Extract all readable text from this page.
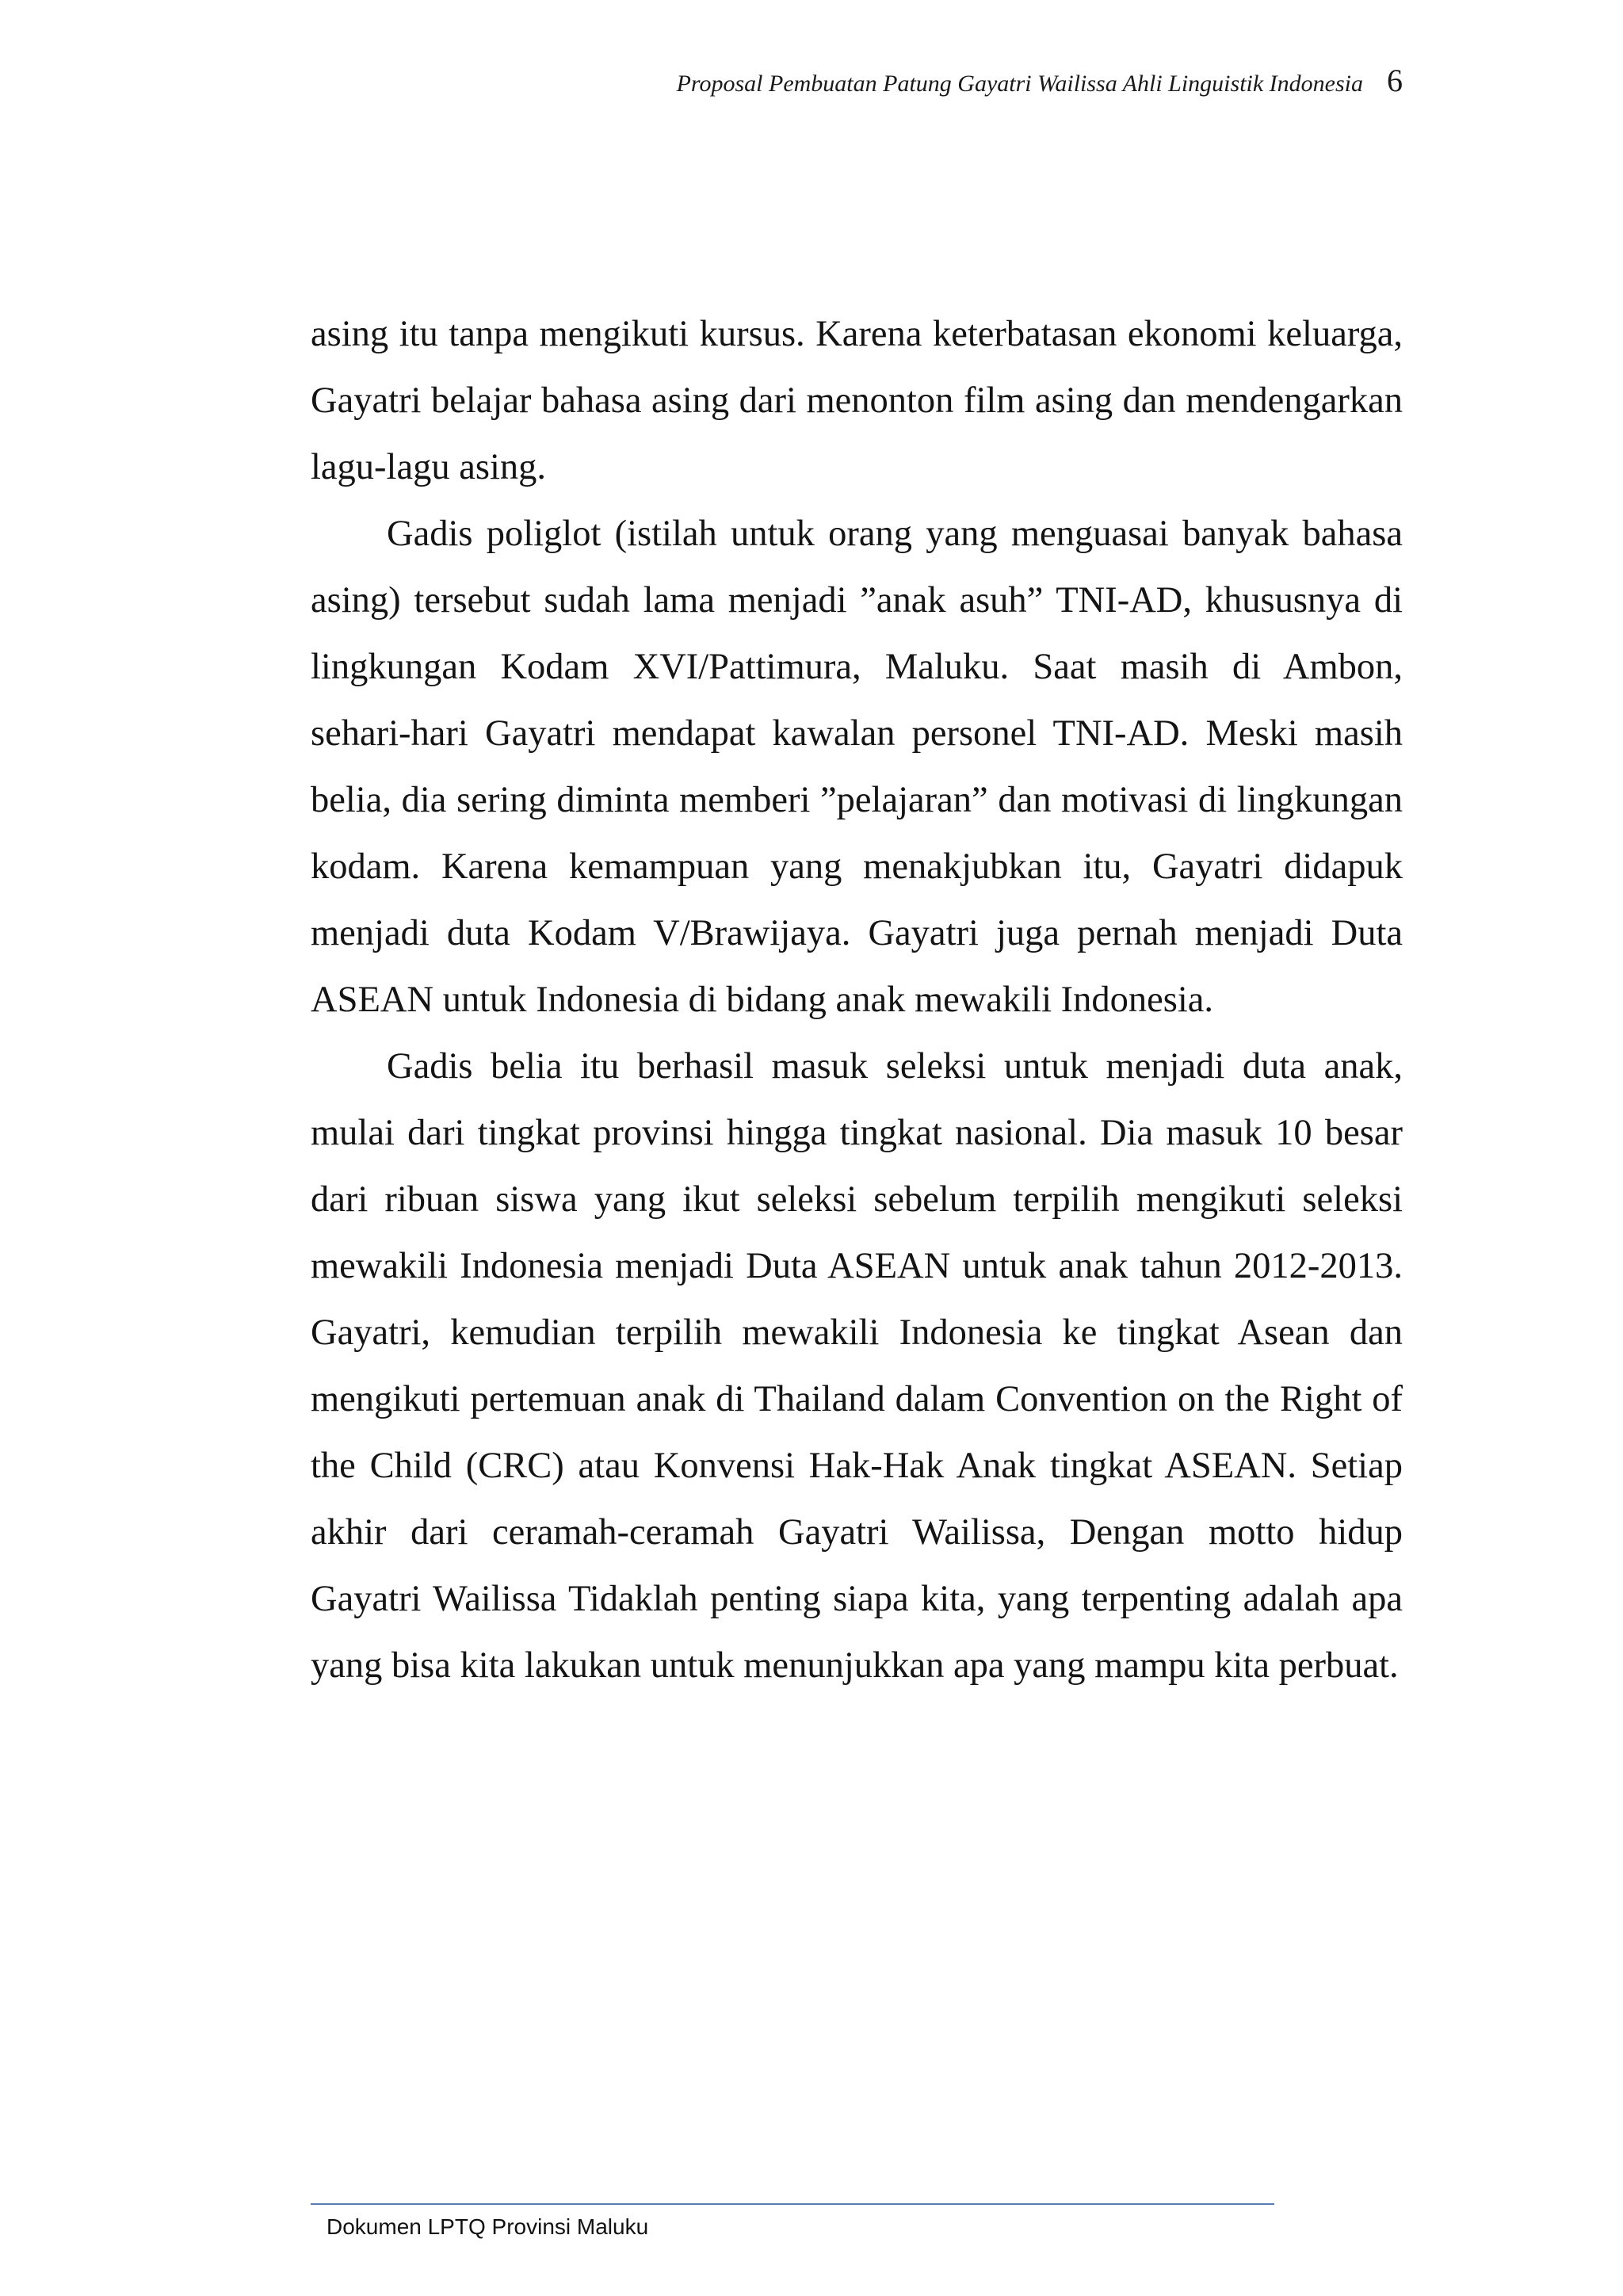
Proposal Pembuatan Patung Gayatri Wailissa Ahli Linguistik Indonesia 6

asing itu tanpa mengikuti kursus. Karena keterbatasan ekonomi keluarga, Gayatri belajar bahasa asing dari menonton film asing dan mendengarkan lagu-lagu asing.

Gadis poliglot (istilah untuk orang yang menguasai banyak bahasa asing) tersebut sudah lama menjadi ”anak asuh” TNI-AD, khususnya di lingkungan Kodam XVI/Pattimura, Maluku. Saat masih di Ambon, sehari-hari Gayatri mendapat kawalan personel TNI-AD. Meski masih belia, dia sering diminta memberi ”pelajaran” dan motivasi di lingkungan kodam. Karena kemampuan yang menakjubkan itu, Gayatri didapuk menjadi duta Kodam V/Brawijaya. Gayatri juga pernah menjadi Duta ASEAN untuk Indonesia di bidang anak mewakili Indonesia.

Gadis belia itu berhasil masuk seleksi untuk menjadi duta anak, mulai dari tingkat provinsi hingga tingkat nasional. Dia masuk 10 besar dari ribuan siswa yang ikut seleksi sebelum terpilih mengikuti seleksi mewakili Indonesia menjadi Duta ASEAN untuk anak tahun 2012-2013. Gayatri, kemudian terpilih mewakili Indonesia ke tingkat Asean dan mengikuti pertemuan anak di Thailand dalam Convention on the Right of the Child (CRC) atau Konvensi Hak-Hak Anak tingkat ASEAN. Setiap akhir dari ceramah-ceramah Gayatri Wailissa, Dengan motto hidup Gayatri Wailissa Tidaklah penting siapa kita, yang terpenting adalah apa yang bisa kita lakukan untuk menunjukkan apa yang mampu kita perbuat.

Dokumen LPTQ Provinsi Maluku
